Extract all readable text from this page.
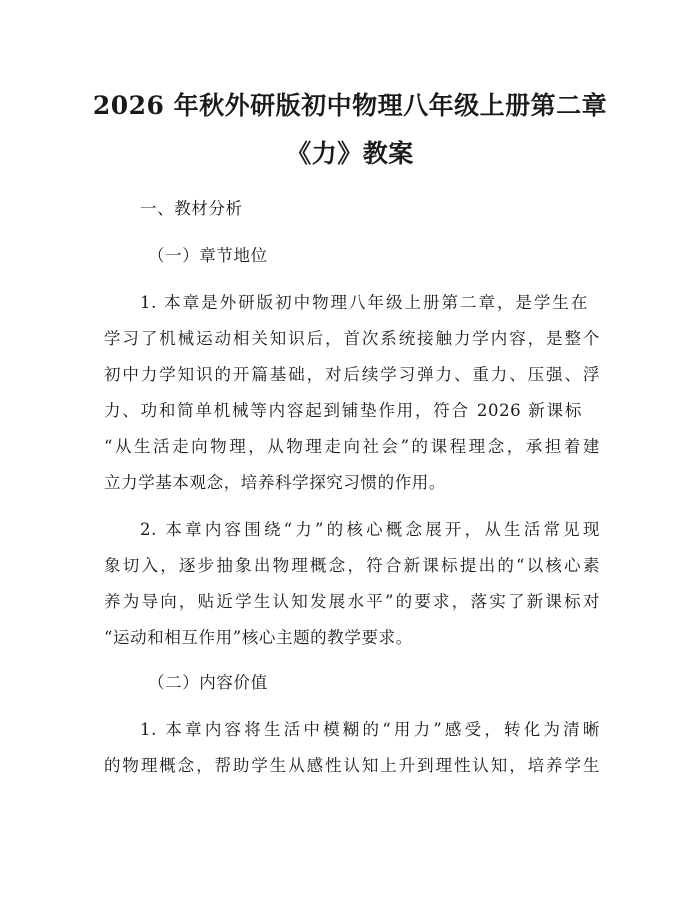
2026 年秋外研版初中物理八年级上册第二章
《力》教案
一、教材分析
（一）章节地位
1. 本章是外研版初中物理八年级上册第二章，是学生在
学习了机械运动相关知识后，首次系统接触力学内容，是整个
初中力学知识的开篇基础，对后续学习弹力、重力、压强、浮
力、功和简单机械等内容起到铺垫作用，符合 2026 新课标
“从生活走向物理，从物理走向社会”的课程理念，承担着建
立力学基本观念，培养科学探究习惯的作用。
2. 本章内容围绕“力”的核心概念展开，从生活常见现
象切入，逐步抽象出物理概念，符合新课标提出的“以核心素
养为导向，贴近学生认知发展水平”的要求，落实了新课标对
“运动和相互作用”核心主题的教学要求。
（二）内容价值
1. 本章内容将生活中模糊的“用力”感受，转化为清晰
的物理概念，帮助学生从感性认知上升到理性认知，培养学生
